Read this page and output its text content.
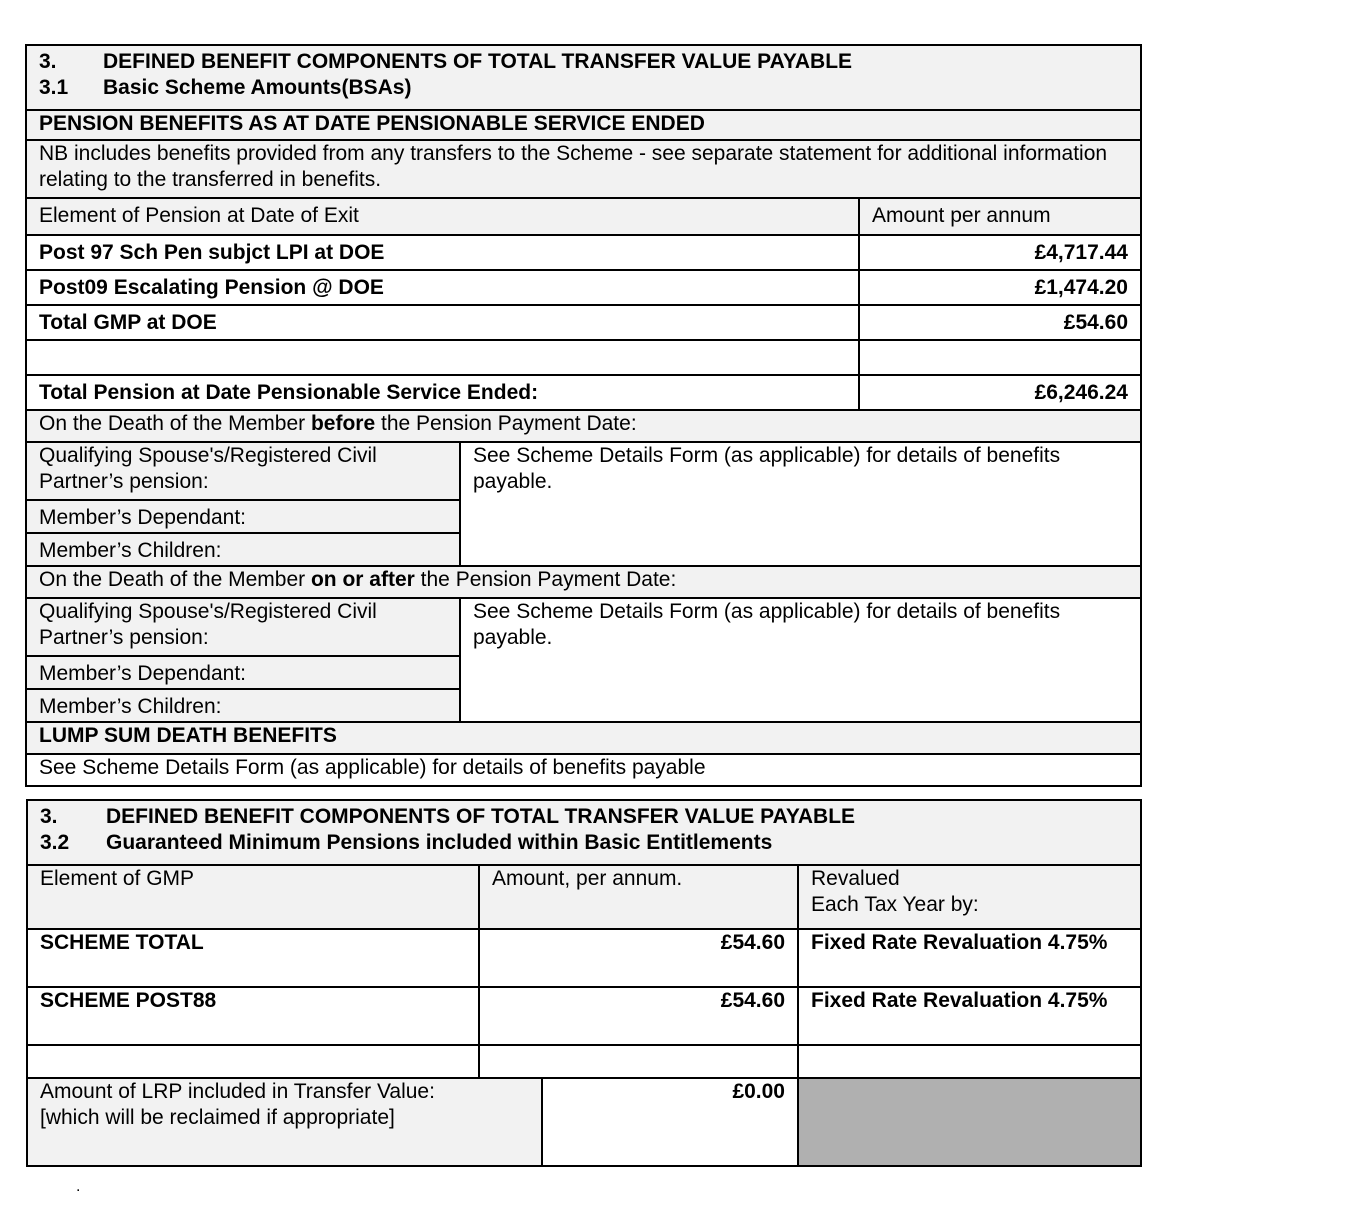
3. DEFINED BENEFIT COMPONENTS OF TOTAL TRANSFER VALUE PAYABLE
3.1 Basic Scheme Amounts(BSAs)		

PENSION BENEFITS AS AT DATE PENSIONABLE SERVICE ENDED		
NB includes benefits provided from any transfers to the Scheme - see separate statement for additional information relating to the transferred in benefits.		
Element of Pension at Date of Exit		Amount per annum
Post 97 Sch Pen subjct LPI at DOE		£4,717.44
Post09 Escalating Pension @ DOE		£1,474.20
Total GMP at DOE		£54.60

Total Pension at Date Pensionable Service Ended:		£6,246.24
On the Death of the Member before the Pension Payment Date:		
Qualifying Spouse's/Registered Civil Partner’s pension:	See Scheme Details Form (as applicable) for details of benefits payable.	
Member’s Dependant:		
Member’s Children:		
On the Death of the Member on or after the Pension Payment Date:		
Qualifying Spouse's/Registered Civil Partner’s pension:	See Scheme Details Form (as applicable) for details of benefits payable.	
Member’s Dependant:		
Member’s Children:		
LUMP SUM DEATH BENEFITS		
See Scheme Details Form (as applicable) for details of benefits payable		
3. DEFINED BENEFIT COMPONENTS OF TOTAL TRANSFER VALUE PAYABLE
3.2 Guaranteed Minimum Pensions included within Basic Entitlements			

Element of GMP	Amount, per annum.		Revalued
Each Tax Year by:

SCHEME TOTAL	£54.60		Fixed Rate Revaluation 4.75%
SCHEME POST88	£54.60		Fixed Rate Revaluation 4.75%

Amount of LRP included in Transfer Value:
[which will be reclaimed if appropriate]		£0.00	
.
